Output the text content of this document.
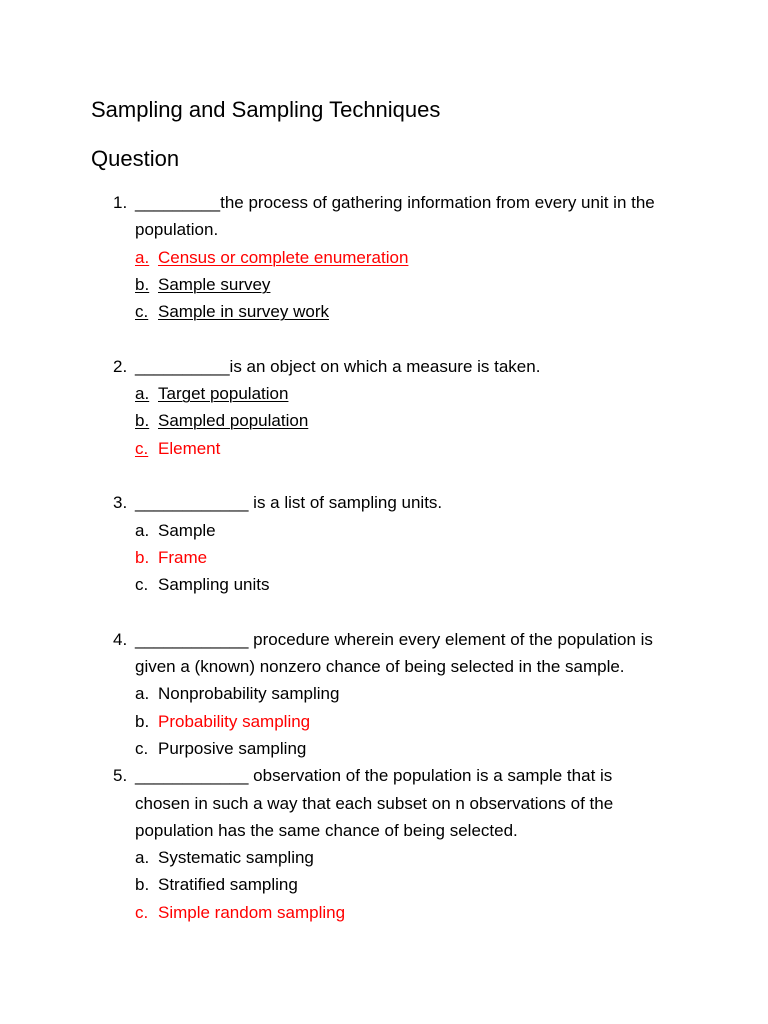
Sampling and Sampling Techniques
Question
1. _________the process of gathering information from every unit in the
population.
a. Census or complete enumeration
b. Sample survey
c. Sample in survey work
2. __________is an object on which a measure is taken.
a. Target population
b. Sampled population
c. Element
3. ____________ is a list of sampling units.
a. Sample
b. Frame
c. Sampling units
4. ____________ procedure wherein every element of the population is
given a (known) nonzero chance of being selected in the sample.
a. Nonprobability sampling
b. Probability sampling
c. Purposive sampling
5. ____________ observation of the population is a sample that is
chosen in such a way that each subset on n observations of the
population has the same chance of being selected.
a. Systematic sampling
b. Stratified sampling
c. Simple random sampling
